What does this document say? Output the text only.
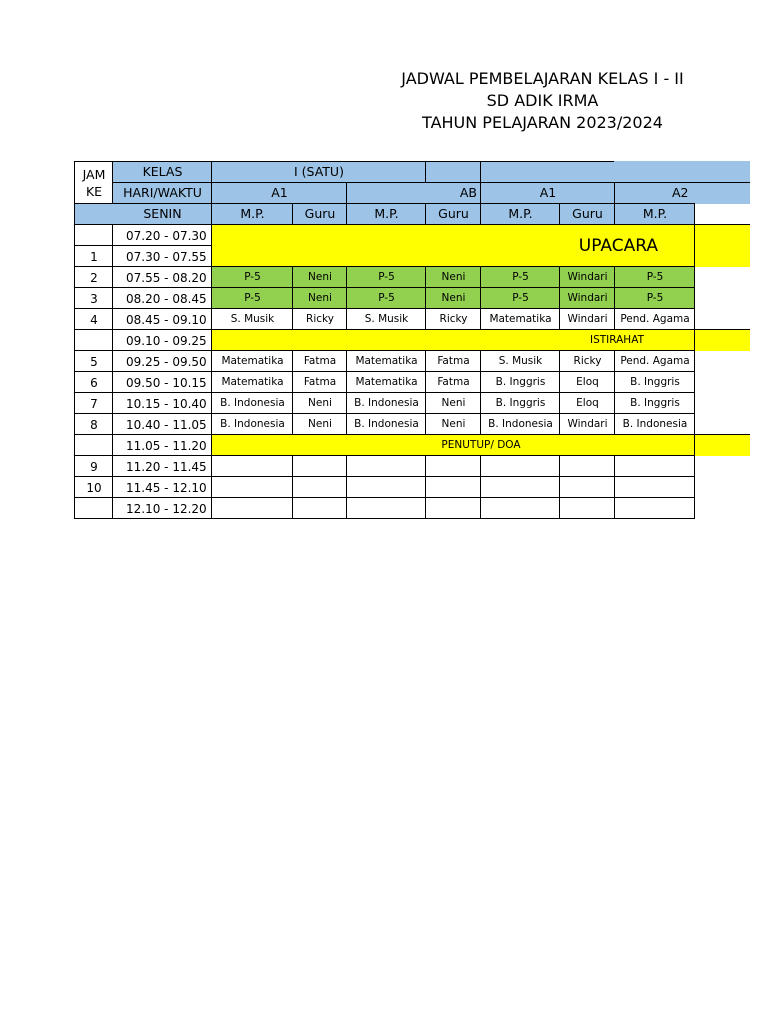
JADWAL PEMBELAJARAN KELAS I - II
SD ADIK IRMA
TAHUN PELAJARAN 2023/2024
JAM
KE
KELAS	I (SATU)
HARI/WAKTU	A1	AB	A1	A2
SENIN	M.P.	Guru	M.P.	Guru	M.P.	Guru	M.P.
07.20 - 07.30	UPACARA
1	07.30 - 07.55
2	07.55 - 08.20	P-5	Neni	P-5	Neni	P-5	Windari	P-5
3	08.20 - 08.45	P-5	Neni	P-5	Neni	P-5	Windari	P-5
4	08.45 - 09.10	S. Musik	Ricky	S. Musik	Ricky	Matematika	Windari	Pend. Agama
09.10 - 09.25	ISTIRAHAT
5	09.25 - 09.50	Matematika	Fatma	Matematika	Fatma	S. Musik	Ricky	Pend. Agama
6	09.50 - 10.15	Matematika	Fatma	Matematika	Fatma	B. Inggris	Eloq	B. Inggris
7	10.15 - 10.40	B. Indonesia	Neni	B. Indonesia	Neni	B. Inggris	Eloq	B. Inggris
8	10.40 - 11.05	B. Indonesia	Neni	B. Indonesia	Neni	B. Indonesia	Windari	B. Indonesia
11.05 - 11.20	PENUTUP/ DOA
9	11.20 - 11.45
10	11.45 - 12.10
12.10 - 12.20
